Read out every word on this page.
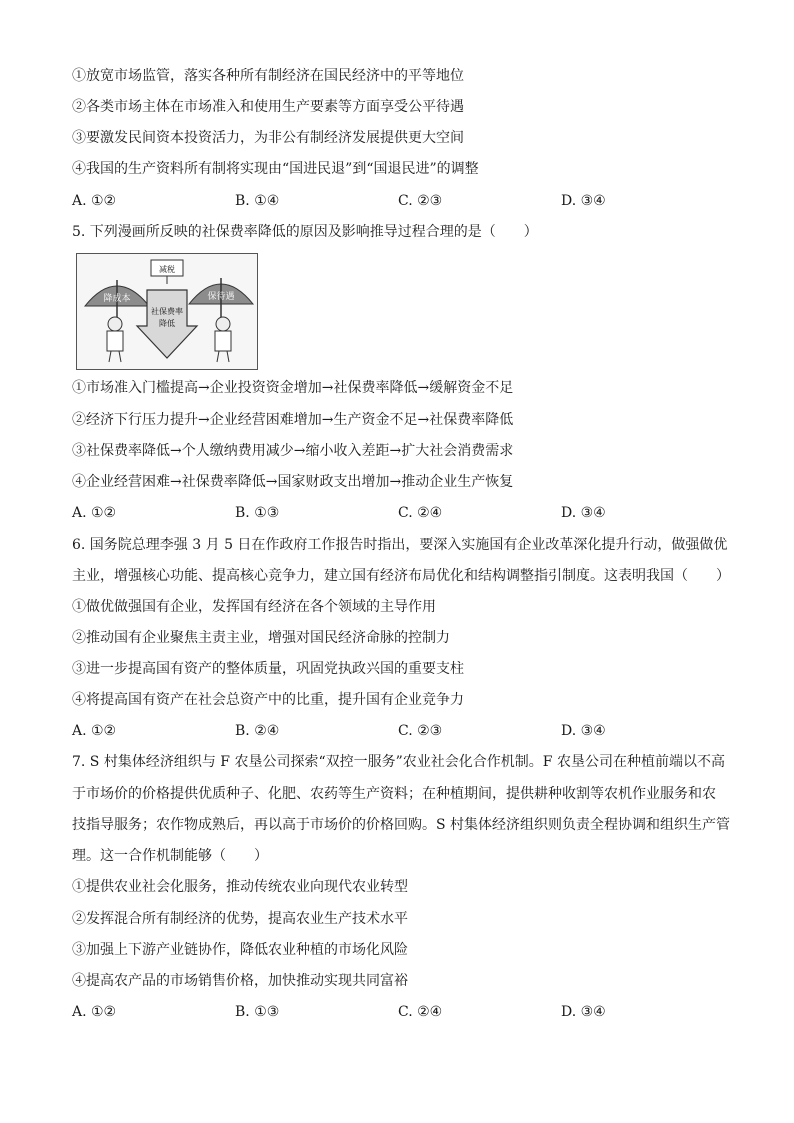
①放宽市场监管，落实各种所有制经济在国民经济中的平等地位
②各类市场主体在市场准入和使用生产要素等方面享受公平待遇
③要激发民间资本投资活力，为非公有制经济发展提供更大空间
④我国的生产资料所有制将实现由“国进民退”到“国退民进”的调整
A. ①②	B. ①④	C. ②③	D. ③④
5. 下列漫画所反映的社保费率降低的原因及影响推导过程合理的是（　　）
降成本	保待遇
减税
社保费率
降低
①市场准入门槛提高→企业投资资金增加→社保费率降低→缓解资金不足
②经济下行压力提升→企业经营困难增加→生产资金不足→社保费率降低
③社保费率降低→个人缴纳费用减少→缩小收入差距→扩大社会消费需求
④企业经营困难→社保费率降低→国家财政支出增加→推动企业生产恢复
A. ①②	B. ①③	C. ②④	D. ③④
6. 国务院总理李强 3 月 5 日在作政府工作报告时指出，要深入实施国有企业改革深化提升行动，做强做优
主业，增强核心功能、提高核心竞争力，建立国有经济布局优化和结构调整指引制度。这表明我国（　　）
①做优做强国有企业，发挥国有经济在各个领域的主导作用
②推动国有企业聚焦主责主业，增强对国民经济命脉的控制力
③进一步提高国有资产的整体质量，巩固党执政兴国的重要支柱
④将提高国有资产在社会总资产中的比重，提升国有企业竞争力
A. ①②	B. ②④	C. ②③	D. ③④
7. S 村集体经济组织与 F 农垦公司探索“双控一服务”农业社会化合作机制。F 农垦公司在种植前端以不高
于市场价的价格提供优质种子、化肥、农药等生产资料；在种植期间，提供耕种收割等农机作业服务和农
技指导服务；农作物成熟后，再以高于市场价的价格回购。S 村集体经济组织则负责全程协调和组织生产管
理。这一合作机制能够（　　）
①提供农业社会化服务，推动传统农业向现代农业转型
②发挥混合所有制经济的优势，提高农业生产技术水平
③加强上下游产业链协作，降低农业种植的市场化风险
④提高农产品的市场销售价格，加快推动实现共同富裕
A. ①②	B. ①③	C. ②④	D. ③④
